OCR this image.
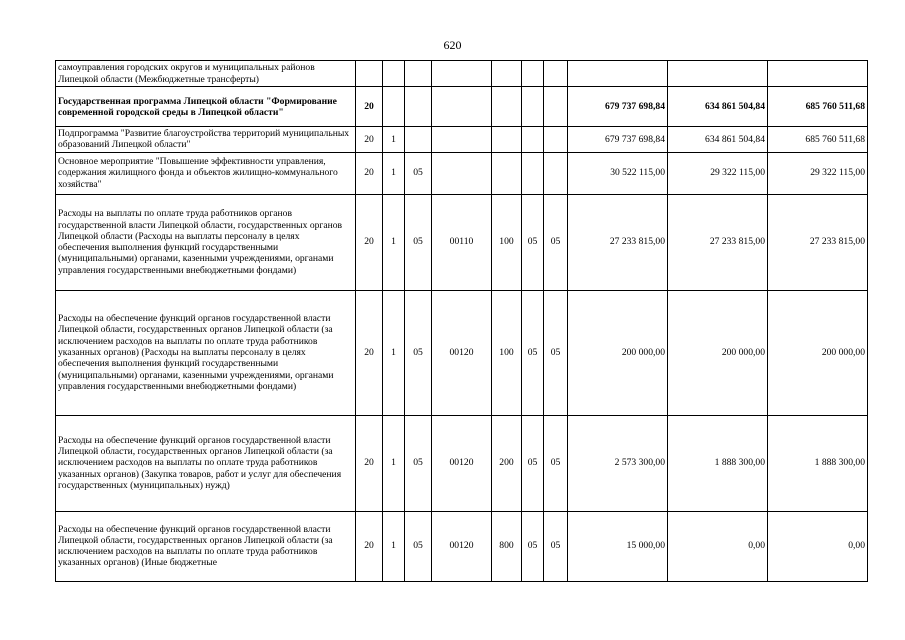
620
самоуправления городских округов и муниципальных районов Липецкой области (Межбюджетные трансферты)										
Государственная программа Липецкой области "Формирование современной городской среды в Липецкой области"	20							679 737 698,84	634 861 504,84	685 760 511,68
Подпрограмма "Развитие благоустройства территорий муниципальных образований Липецкой области"	20	1						679 737 698,84	634 861 504,84	685 760 511,68
Основное мероприятие "Повышение эффективности управления, содержания жилищного фонда и объектов жилищно-коммунального хозяйства"	20	1	05					30 522 115,00	29 322 115,00	29 322 115,00
Расходы на выплаты по оплате труда работников органов государственной власти Липецкой области, государственных органов Липецкой области (Расходы на выплаты персоналу в целях обеспечения выполнения функций государственными (муниципальными) органами, казенными учреждениями, органами управления государственными внебюджетными фондами)	20	1	05	00110	100	05	05	27 233 815,00	27 233 815,00	27 233 815,00
Расходы на обеспечение функций органов государственной власти Липецкой области, государственных органов Липецкой области (за исключением расходов на выплаты по оплате труда работников указанных органов) (Расходы на выплаты персоналу в целях обеспечения выполнения функций государственными (муниципальными) органами, казенными учреждениями, органами управления государственными внебюджетными фондами)	20	1	05	00120	100	05	05	200 000,00	200 000,00	200 000,00
Расходы на обеспечение функций органов государственной власти Липецкой области, государственных органов Липецкой области (за исключением расходов на выплаты по оплате труда работников указанных органов) (Закупка товаров, работ и услуг для обеспечения государственных (муниципальных) нужд)	20	1	05	00120	200	05	05	2 573 300,00	1 888 300,00	1 888 300,00
Расходы на обеспечение функций органов государственной власти Липецкой области, государственных органов Липецкой области (за исключением расходов на выплаты по оплате труда работников указанных органов) (Иные бюджетные	20	1	05	00120	800	05	05	15 000,00	0,00	0,00
